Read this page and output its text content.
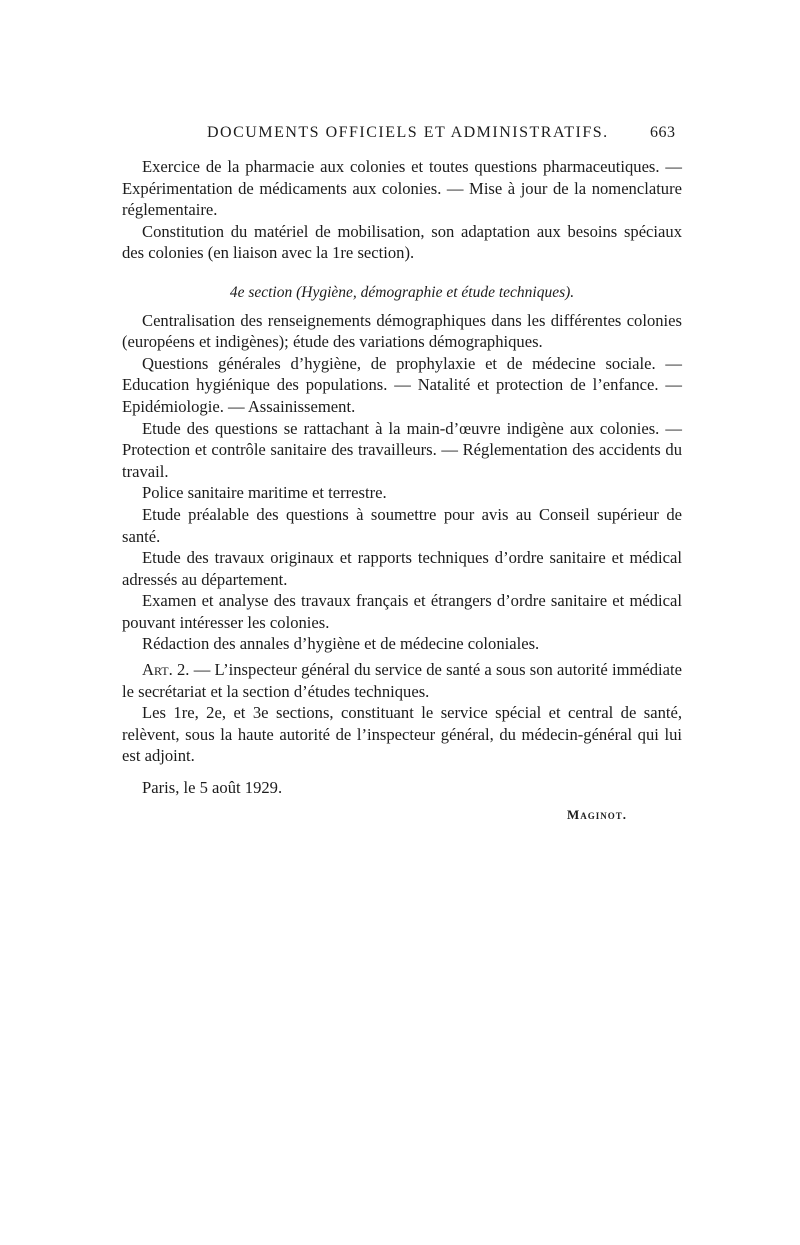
DOCUMENTS OFFICIELS ET ADMINISTRATIFS.	663

Exercice de la pharmacie aux colonies et toutes questions pharmaceutiques. — Expérimentation de médicaments aux colonies. — Mise à jour de la nomenclature réglementaire.

Constitution du matériel de mobilisation, son adaptation aux besoins spéciaux des colonies (en liaison avec la 1re section).

4e section (Hygiène, démographie et étude techniques).

Centralisation des renseignements démographiques dans les différentes colonies (européens et indigènes); étude des variations démographiques.

Questions générales d’hygiène, de prophylaxie et de médecine sociale. — Education hygiénique des populations. — Natalité et protection de l’enfance. — Epidémiologie. — Assainissement.

Etude des questions se rattachant à la main-d’œuvre indigène aux colonies. — Protection et contrôle sanitaire des travailleurs. — Réglementation des accidents du travail.

Police sanitaire maritime et terrestre.

Etude préalable des questions à soumettre pour avis au Conseil supérieur de santé.

Etude des travaux originaux et rapports techniques d’ordre sanitaire et médical adressés au département.

Examen et analyse des travaux français et étrangers d’ordre sanitaire et médical pouvant intéresser les colonies.

Rédaction des annales d’hygiène et de médecine coloniales.

Art. 2. — L’inspecteur général du service de santé a sous son autorité immédiate le secrétariat et la section d’études techniques.

Les 1re, 2e, et 3e sections, constituant le service spécial et central de santé, relèvent, sous la haute autorité de l’inspecteur général, du médecin-général qui lui est adjoint.

Paris, le 5 août 1929.

Maginot.
